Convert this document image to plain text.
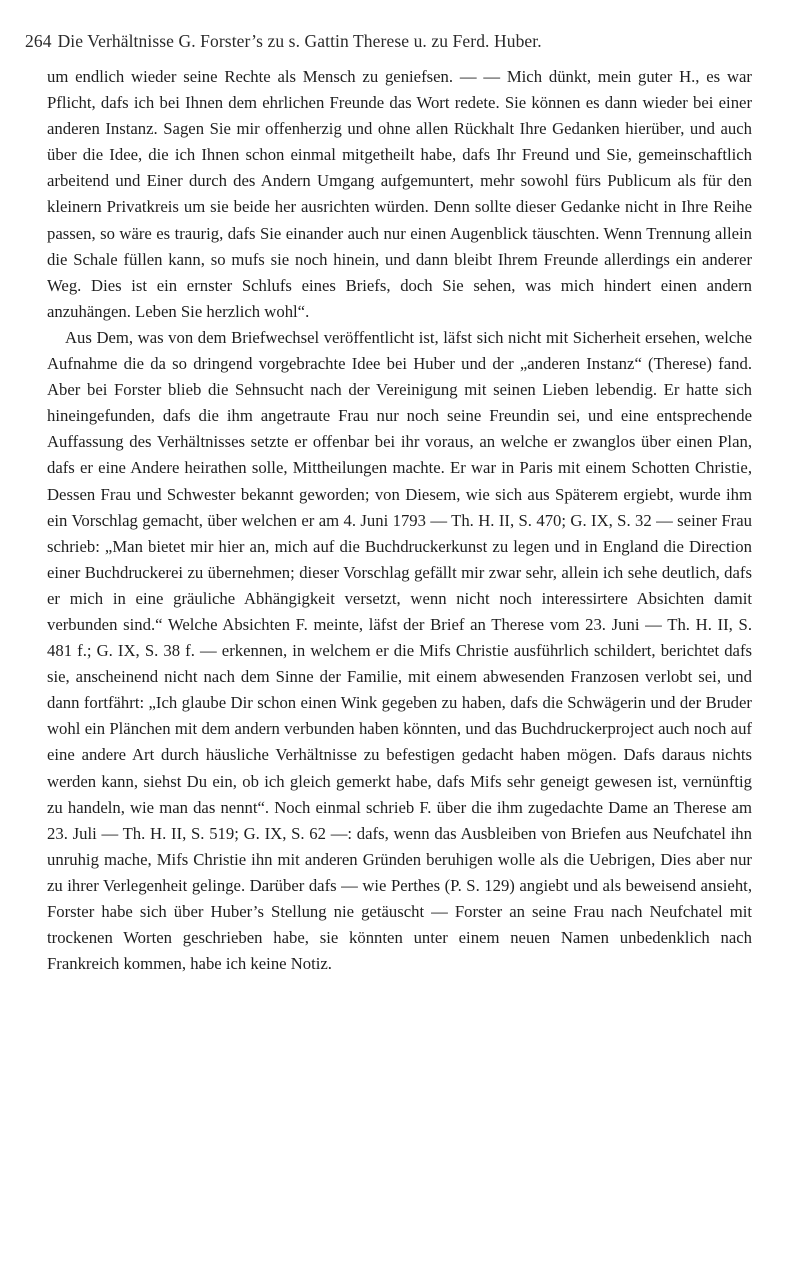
264 Die Verhältnisse G. Forster’s zu s. Gattin Therese u. zu Ferd. Huber.

um endlich wieder seine Rechte als Mensch zu geniefsen. — — Mich dünkt, mein guter H., es war Pflicht, dafs ich bei Ihnen dem ehrlichen Freunde das Wort redete. Sie können es dann wieder bei einer anderen Instanz. Sagen Sie mir offenherzig und ohne allen Rückhalt Ihre Gedanken hierüber, und auch über die Idee, die ich Ihnen schon einmal mitgetheilt habe, dafs Ihr Freund und Sie, gemeinschaftlich arbeitend und Einer durch des Andern Umgang aufgemuntert, mehr sowohl fürs Publicum als für den kleinern Privatkreis um sie beide her ausrichten würden. Denn sollte dieser Gedanke nicht in Ihre Reihe passen, so wäre es traurig, dafs Sie einander auch nur einen Augenblick täuschten. Wenn Trennung allein die Schale füllen kann, so mufs sie noch hinein, und dann bleibt Ihrem Freunde allerdings ein anderer Weg. Dies ist ein ernster Schlufs eines Briefs, doch Sie sehen, was mich hindert einen andern anzuhängen. Leben Sie herzlich wohl“.

Aus Dem, was von dem Briefwechsel veröffentlicht ist, läfst sich nicht mit Sicherheit ersehen, welche Aufnahme die da so dringend vorgebrachte Idee bei Huber und der „anderen Instanz“ (Therese) fand. Aber bei Forster blieb die Sehnsucht nach der Vereinigung mit seinen Lieben lebendig. Er hatte sich hineingefunden, dafs die ihm angetraute Frau nur noch seine Freundin sei, und eine entsprechende Auffassung des Verhältnisses setzte er offenbar bei ihr voraus, an welche er zwanglos über einen Plan, dafs er eine Andere heirathen solle, Mittheilungen machte. Er war in Paris mit einem Schotten Christie, Dessen Frau und Schwester bekannt geworden; von Diesem, wie sich aus Späterem ergiebt, wurde ihm ein Vorschlag gemacht, über welchen er am 4. Juni 1793 — Th. H. II, S. 470; G. IX, S. 32 — seiner Frau schrieb: „Man bietet mir hier an, mich auf die Buchdruckerkunst zu legen und in England die Direction einer Buchdruckerei zu übernehmen; dieser Vorschlag gefällt mir zwar sehr, allein ich sehe deutlich, dafs er mich in eine gräuliche Abhängigkeit versetzt, wenn nicht noch interessirtere Absichten damit verbunden sind.“ Welche Absichten F. meinte, läfst der Brief an Therese vom 23. Juni — Th. H. II, S. 481 f.; G. IX, S. 38 f. — erkennen, in welchem er die Mifs Christie ausführlich schildert, berichtet dafs sie, anscheinend nicht nach dem Sinne der Familie, mit einem abwesenden Franzosen verlobt sei, und dann fortfährt: „Ich glaube Dir schon einen Wink gegeben zu haben, dafs die Schwägerin und der Bruder wohl ein Plänchen mit dem andern verbunden haben könnten, und das Buchdruckerproject auch noch auf eine andere Art durch häusliche Verhältnisse zu befestigen gedacht haben mögen. Dafs daraus nichts werden kann, siehst Du ein, ob ich gleich gemerkt habe, dafs Mifs sehr geneigt gewesen ist, vernünftig zu handeln, wie man das nennt“. Noch einmal schrieb F. über die ihm zugedachte Dame an Therese am 23. Juli — Th. H. II, S. 519; G. IX, S. 62 —: dafs, wenn das Ausbleiben von Briefen aus Neufchatel ihn unruhig mache, Mifs Christie ihn mit anderen Gründen beruhigen wolle als die Uebrigen, Dies aber nur zu ihrer Verlegenheit gelinge. Darüber dafs — wie Perthes (P. S. 129) angiebt und als beweisend ansieht, Forster habe sich über Huber’s Stellung nie getäuscht — Forster an seine Frau nach Neufchatel mit trockenen Worten geschrieben habe, sie könnten unter einem neuen Namen unbedenklich nach Frankreich kommen, habe ich keine Notiz.
